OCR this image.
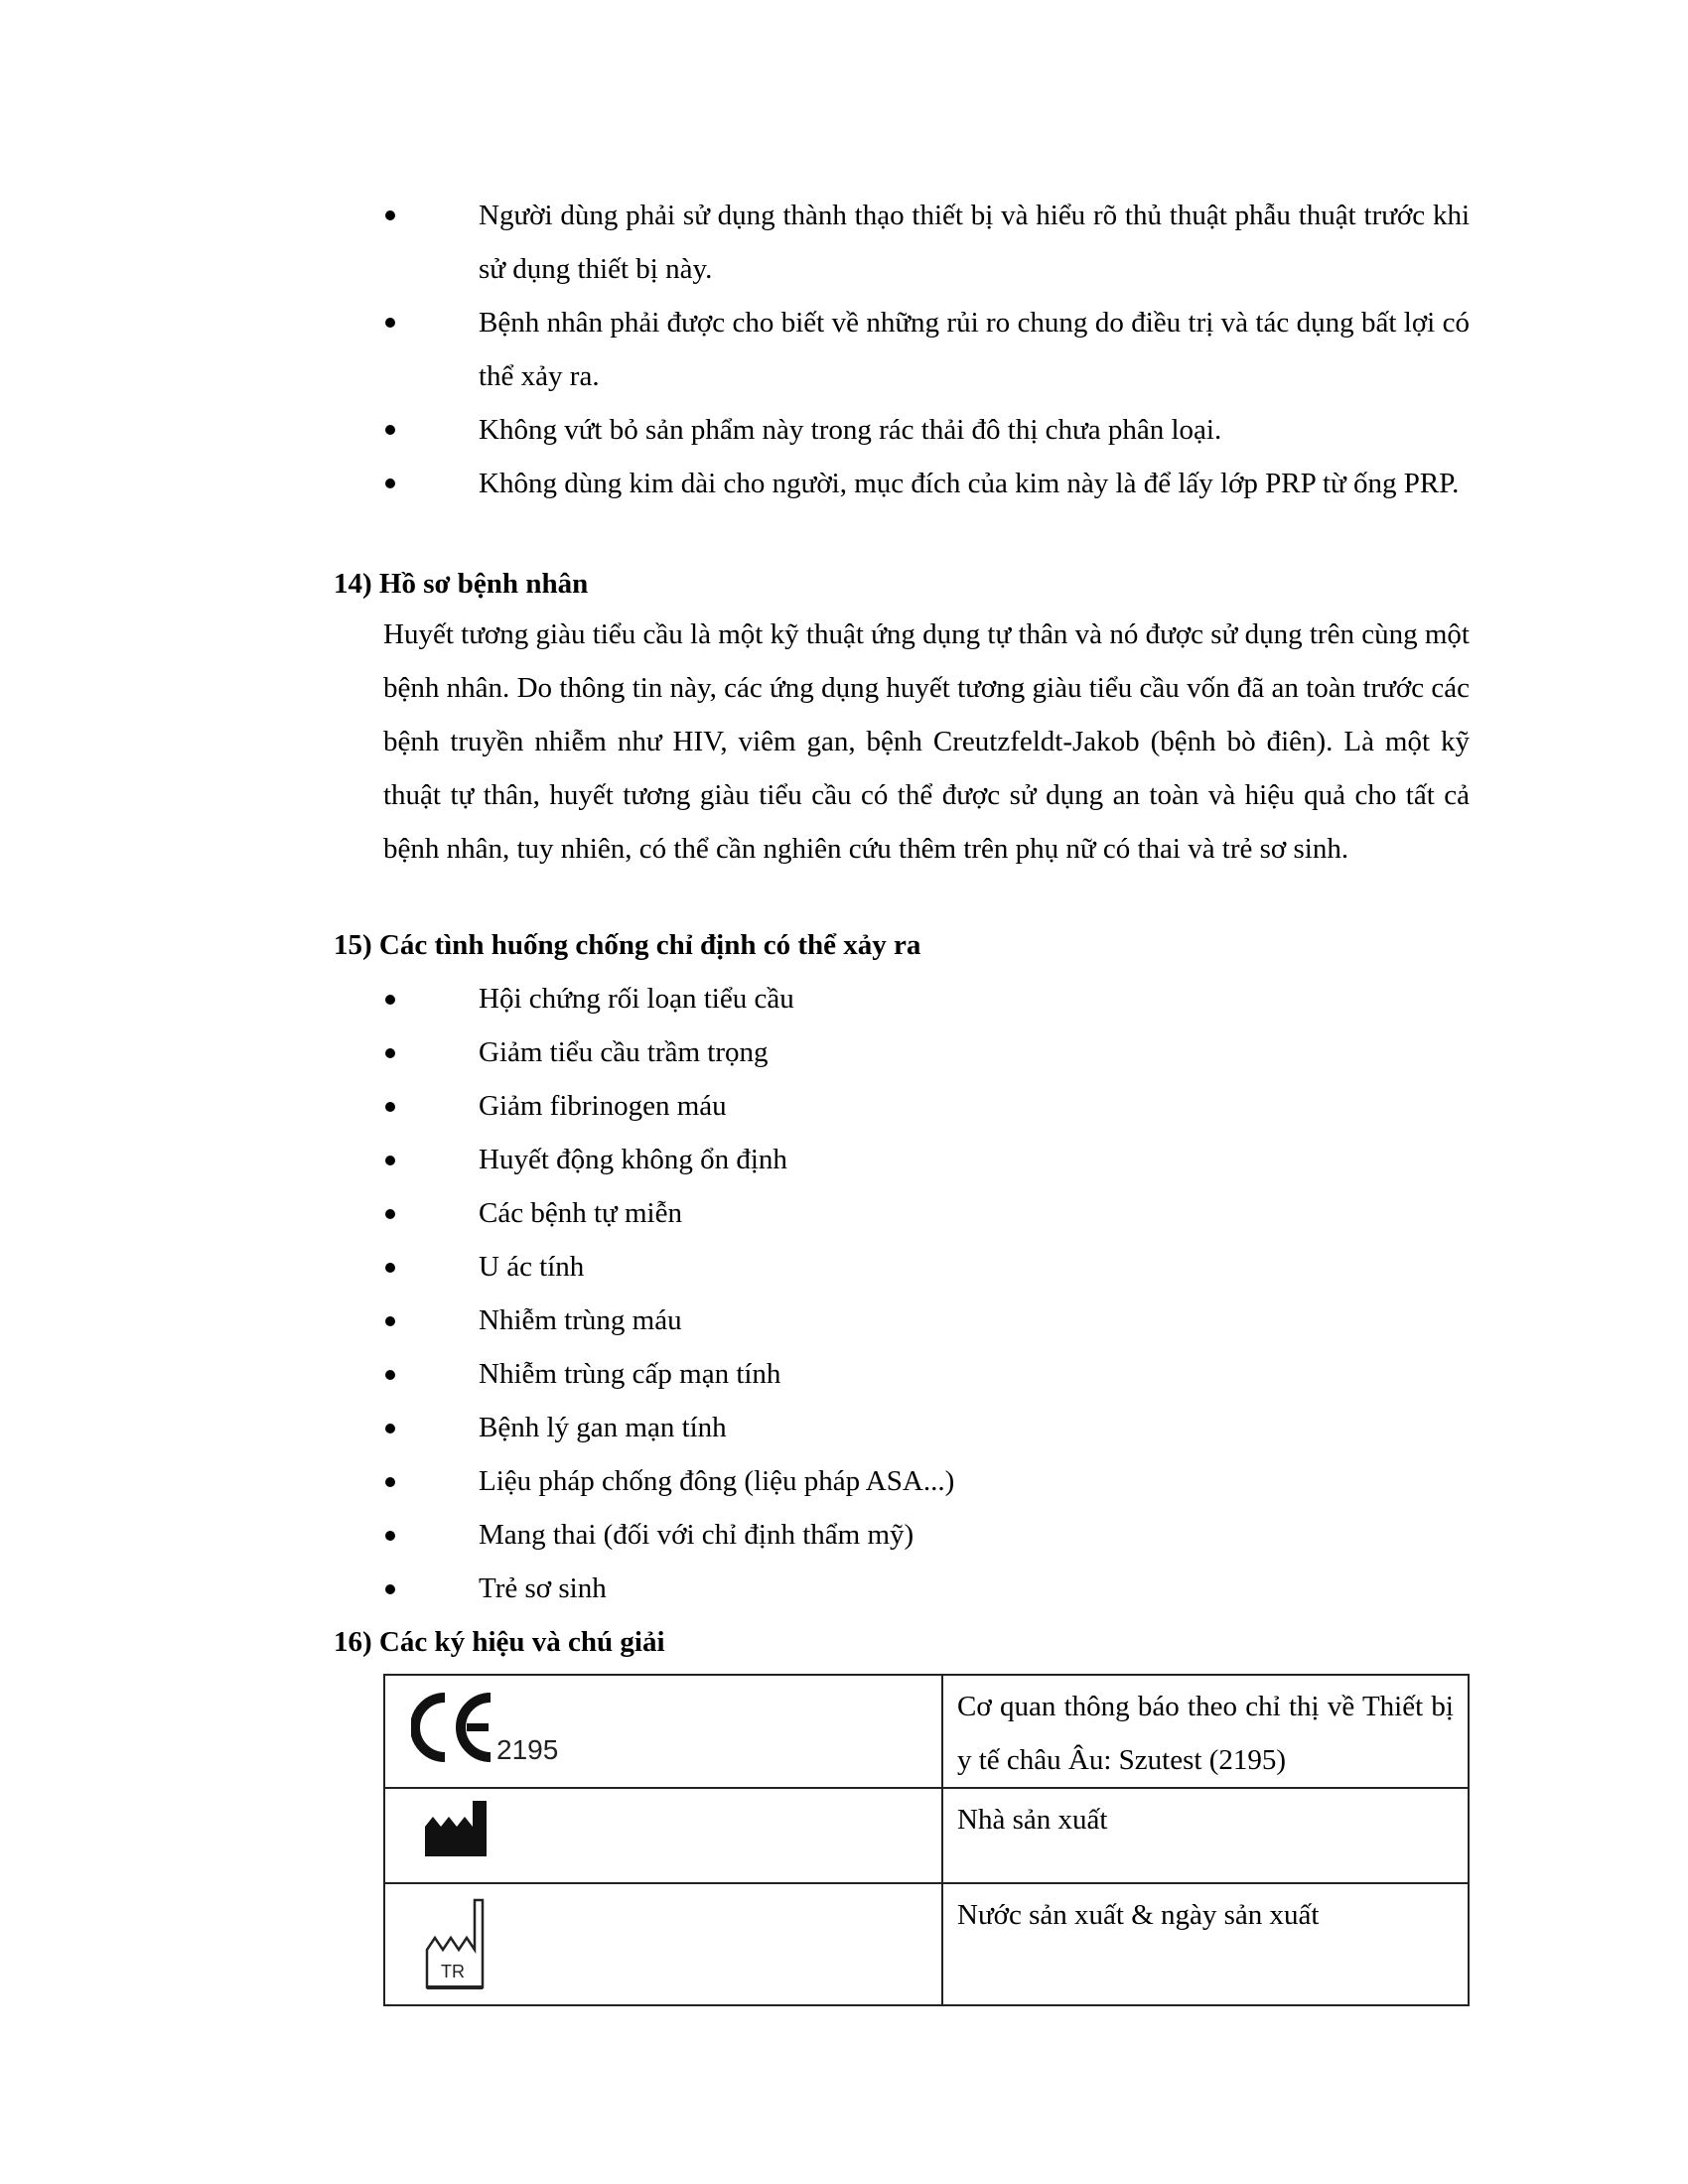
Người dùng phải sử dụng thành thạo thiết bị và hiểu rõ thủ thuật phẫu thuật trước khi sử dụng thiết bị này.
Bệnh nhân phải được cho biết về những rủi ro chung do điều trị và tác dụng bất lợi có thể xảy ra.
Không vứt bỏ sản phẩm này trong rác thải đô thị chưa phân loại.
Không dùng kim dài cho người, mục đích của kim này là để lấy lớp PRP từ ống PRP.
14) Hồ sơ bệnh nhân
Huyết tương giàu tiểu cầu là một kỹ thuật ứng dụng tự thân và nó được sử dụng trên cùng một bệnh nhân. Do thông tin này, các ứng dụng huyết tương giàu tiểu cầu vốn đã an toàn trước các bệnh truyền nhiễm như HIV, viêm gan, bệnh Creutzfeldt-Jakob (bệnh bò điên). Là một kỹ thuật tự thân, huyết tương giàu tiểu cầu có thể được sử dụng an toàn và hiệu quả cho tất cả bệnh nhân, tuy nhiên, có thể cần nghiên cứu thêm trên phụ nữ có thai và trẻ sơ sinh.
15) Các tình huống chống chỉ định có thể xảy ra
Hội chứng rối loạn tiểu cầu
Giảm tiểu cầu trầm trọng
Giảm fibrinogen máu
Huyết động không ổn định
Các bệnh tự miễn
U ác tính
Nhiễm trùng máu
Nhiễm trùng cấp mạn tính
Bệnh lý gan mạn tính
Liệu pháp chống đông (liệu pháp ASA...)
Mang thai (đối với chỉ định thẩm mỹ)
Trẻ sơ sinh
16) Các ký hiệu và chú giải
2195	Cơ quan thông báo theo chỉ thị về Thiết bị y tế châu Âu: Szutest (2195)
	Nhà sản xuất

TR	Nước sản xuất & ngày sản xuất
